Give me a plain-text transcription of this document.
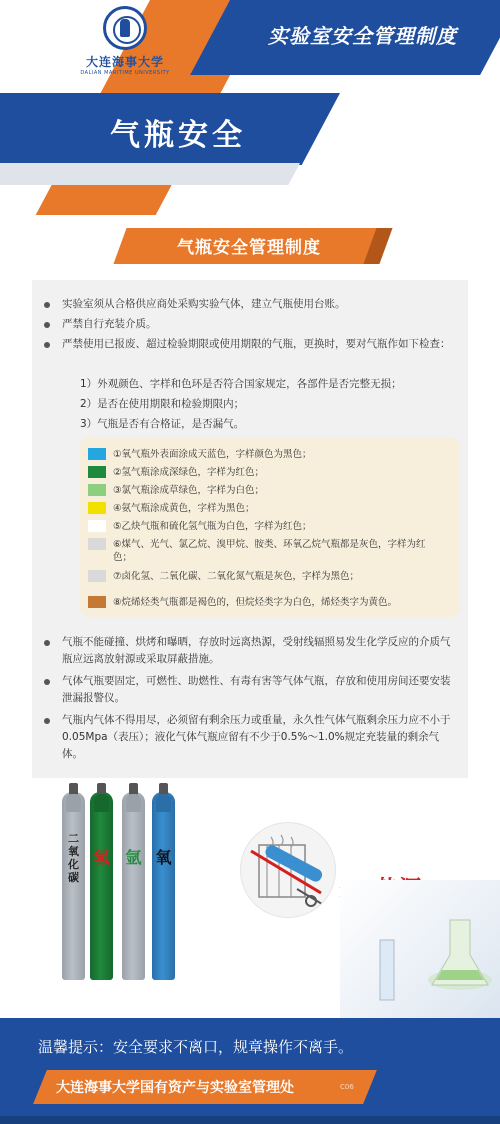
大连海事大学
DALIAN MARITIME UNIVERSITY
实验室安全管理制度
气瓶安全
气瓶安全管理制度
实验室须从合格供应商处采购实验气体，建立气瓶使用台账。
严禁自行充装介质。
严禁使用已报废、超过检验期限或使用期限的气瓶，更换时，要对气瓶作如下检查：
1）外观颜色、字样和色环是否符合国家规定，各部件是否完整无损；
2）是否在使用期限和检验期限内；
3）气瓶是否有合格证，是否漏气。
①氧气瓶外表面涂成天蓝色，字样颜色为黑色；
②氢气瓶涂成深绿色，字样为红色；
③氯气瓶涂成草绿色，字样为白色；
④氨气瓶涂成黄色，字样为黑色；
⑤乙炔气瓶和硫化氢气瓶为白色，字样为红色；
⑥煤气、光气、氯乙烷、溴甲烷、胺类、环氧乙烷气瓶都是灰色，字样为红色；
⑦卤化氢、二氧化碳、二氧化氮气瓶是灰色，字样为黑色；
⑧烷烯烃类气瓶都是褐色的，但烷烃类字为白色，烯烃类字为黄色。
气瓶不能碰撞、烘烤和曝晒，存放时远离热源，受射线辐照易发生化学反应的介质气瓶应远离放射源或采取屏蔽措施。
气体气瓶要固定，可燃性、助燃性、有毒有害等气体气瓶，存放和使用房间还要安装泄漏报警仪。
气瓶内气体不得用尽，必须留有剩余压力或重量，永久性气体气瓶剩余压力应不小于0.05Mpa（表压）；液化气体气瓶应留有不少于0.5%～1.0%规定充装量的剩余气体。
二氧化碳
氢 氩 氧
温馨提示：安全要求不离口，规章操作不离手。
大连海事大学国有资产与实验室管理处	C06
